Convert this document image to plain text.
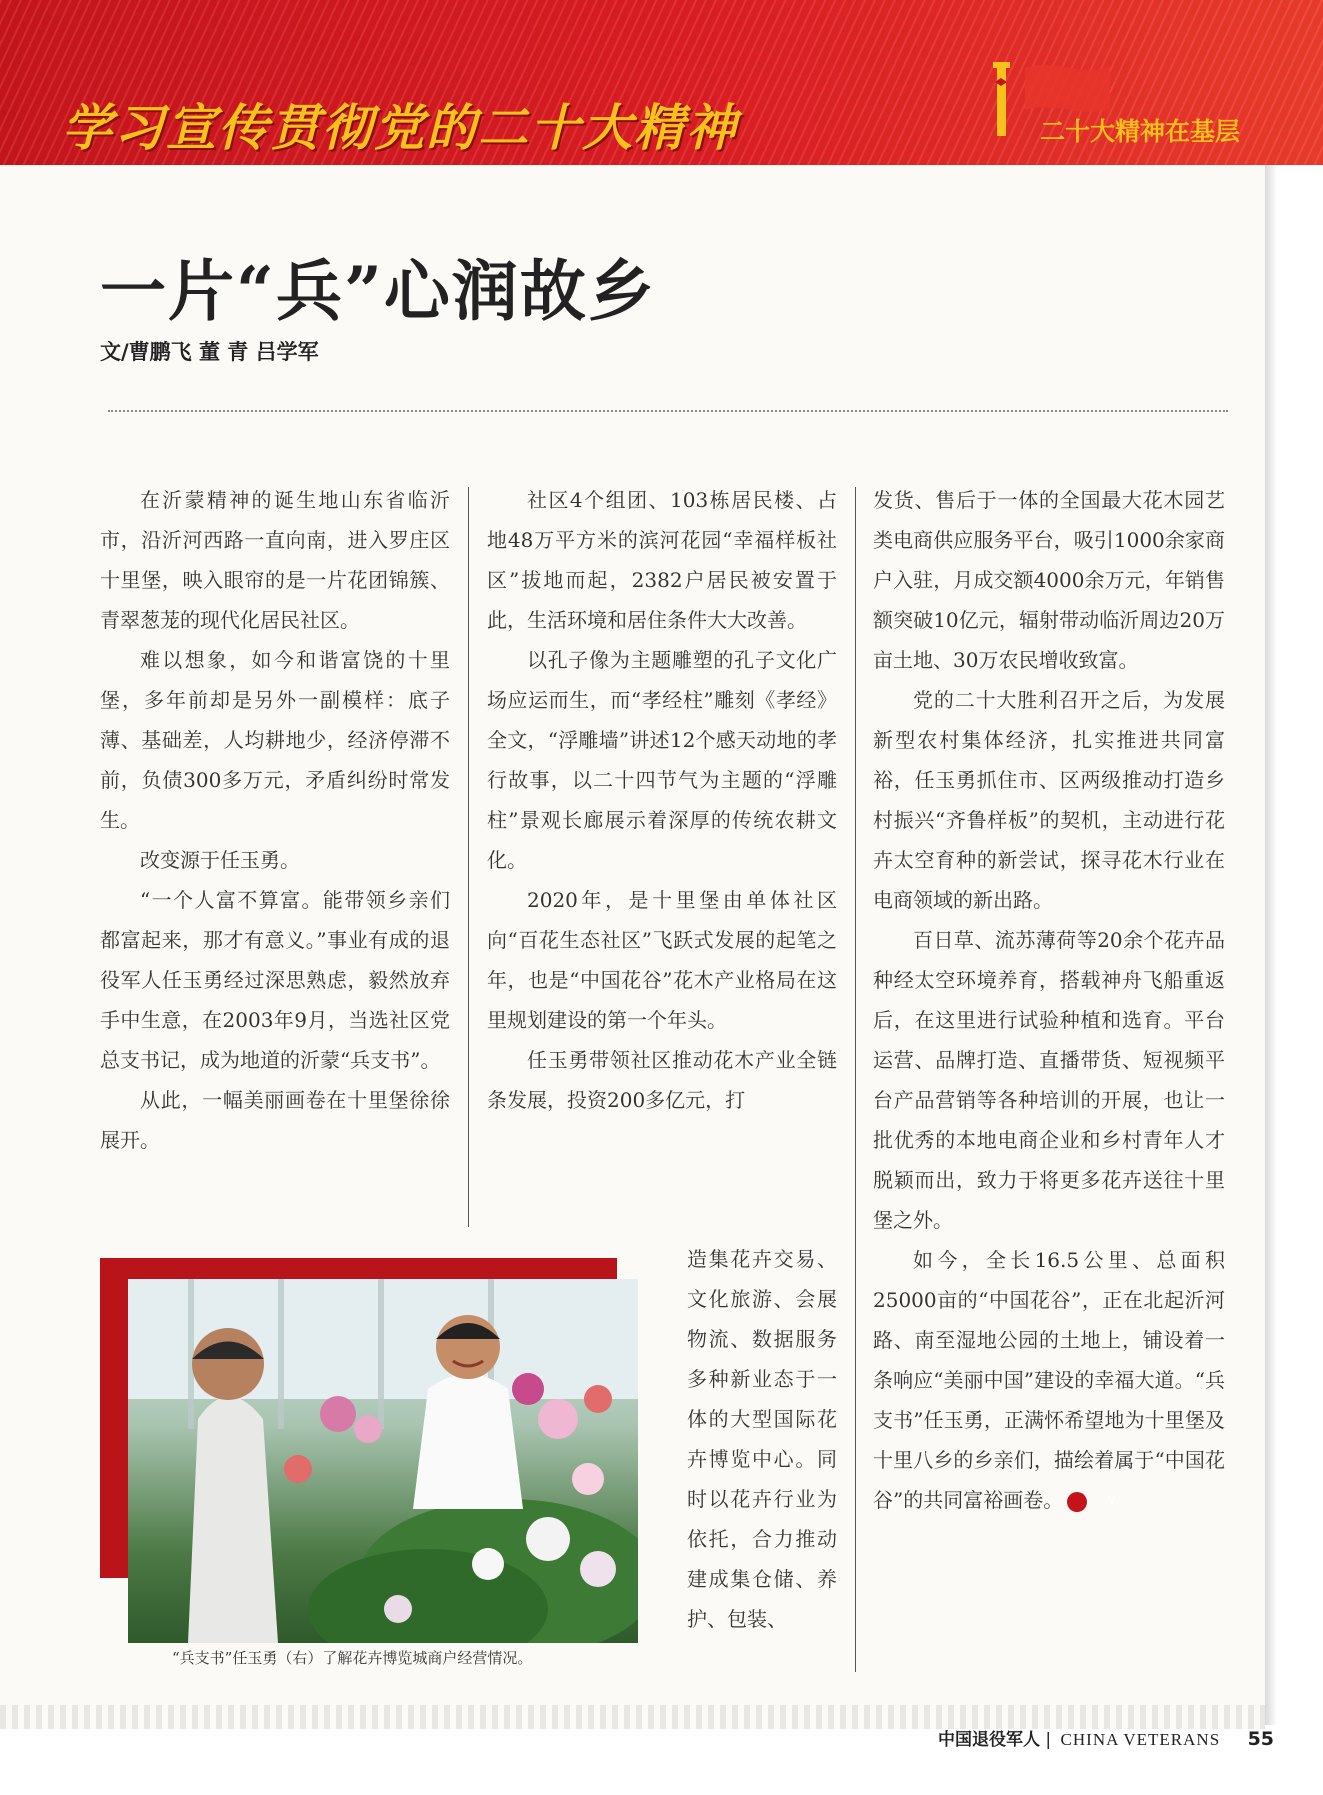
学习宣传贯彻党的二十大精神	二十大精神在基层
一片“兵”心润故乡
文/曹鹏飞 董 青 吕学军

在沂蒙精神的诞生地山东省临沂市，沿沂河西路一直向南，进入罗庄区十里堡，映入眼帘的是一片花团锦簇、青翠葱茏的现代化居民社区。

难以想象，如今和谐富饶的十里堡，多年前却是另外一副模样：底子薄、基础差，人均耕地少，经济停滞不前，负债300多万元，矛盾纠纷时常发生。

改变源于任玉勇。

“一个人富不算富。能带领乡亲们都富起来，那才有意义。”事业有成的退役军人任玉勇经过深思熟虑，毅然放弃手中生意，在2003年9月，当选社区党总支书记，成为地道的沂蒙“兵支书”。

从此，一幅美丽画卷在十里堡徐徐展开。

社区4个组团、103栋居民楼、占地48万平方米的滨河花园“幸福样板社区”拔地而起，2382户居民被安置于此，生活环境和居住条件大大改善。

以孔子像为主题雕塑的孔子文化广场应运而生，而“孝经柱”雕刻《孝经》全文，“浮雕墙”讲述12个感天动地的孝行故事，以二十四节气为主题的“浮雕柱”景观长廊展示着深厚的传统农耕文化。

2020年，是十里堡由单体社区向“百花生态社区”飞跃式发展的起笔之年，也是“中国花谷”花木产业格局在这里规划建设的第一个年头。

任玉勇带领社区推动花木产业全链条发展，投资200多亿元，打

造集花卉交易、文化旅游、会展物流、数据服务多种新业态于一体的大型国际花卉博览中心。同时以花卉行业为依托，合力推动建成集仓储、养护、包装、

发货、售后于一体的全国最大花木园艺类电商供应服务平台，吸引1000余家商户入驻，月成交额4000余万元，年销售额突破10亿元，辐射带动临沂周边20万亩土地、30万农民增收致富。

党的二十大胜利召开之后，为发展新型农村集体经济，扎实推进共同富裕，任玉勇抓住市、区两级推动打造乡村振兴“齐鲁样板”的契机，主动进行花卉太空育种的新尝试，探寻花木行业在电商领域的新出路。

百日草、流苏薄荷等20余个花卉品种经太空环境养育，搭载神舟飞船重返后，在这里进行试验种植和选育。平台运营、品牌打造、直播带货、短视频平台产品营销等各种培训的开展，也让一批优秀的本地电商企业和乡村青年人才脱颖而出，致力于将更多花卉送往十里堡之外。

如今，全长16.5公里、总面积25000亩的“中国花谷”，正在北起沂河路、南至湿地公园的土地上，铺设着一条响应“美丽中国”建设的幸福大道。“兵支书”任玉勇，正满怀希望地为十里堡及十里八乡的乡亲们，描绘着属于“中国花谷”的共同富裕画卷。	V

“兵支书”任玉勇（右）了解花卉博览城商户经营情况。
中国退役军人 | CHINA VETERANS 55
